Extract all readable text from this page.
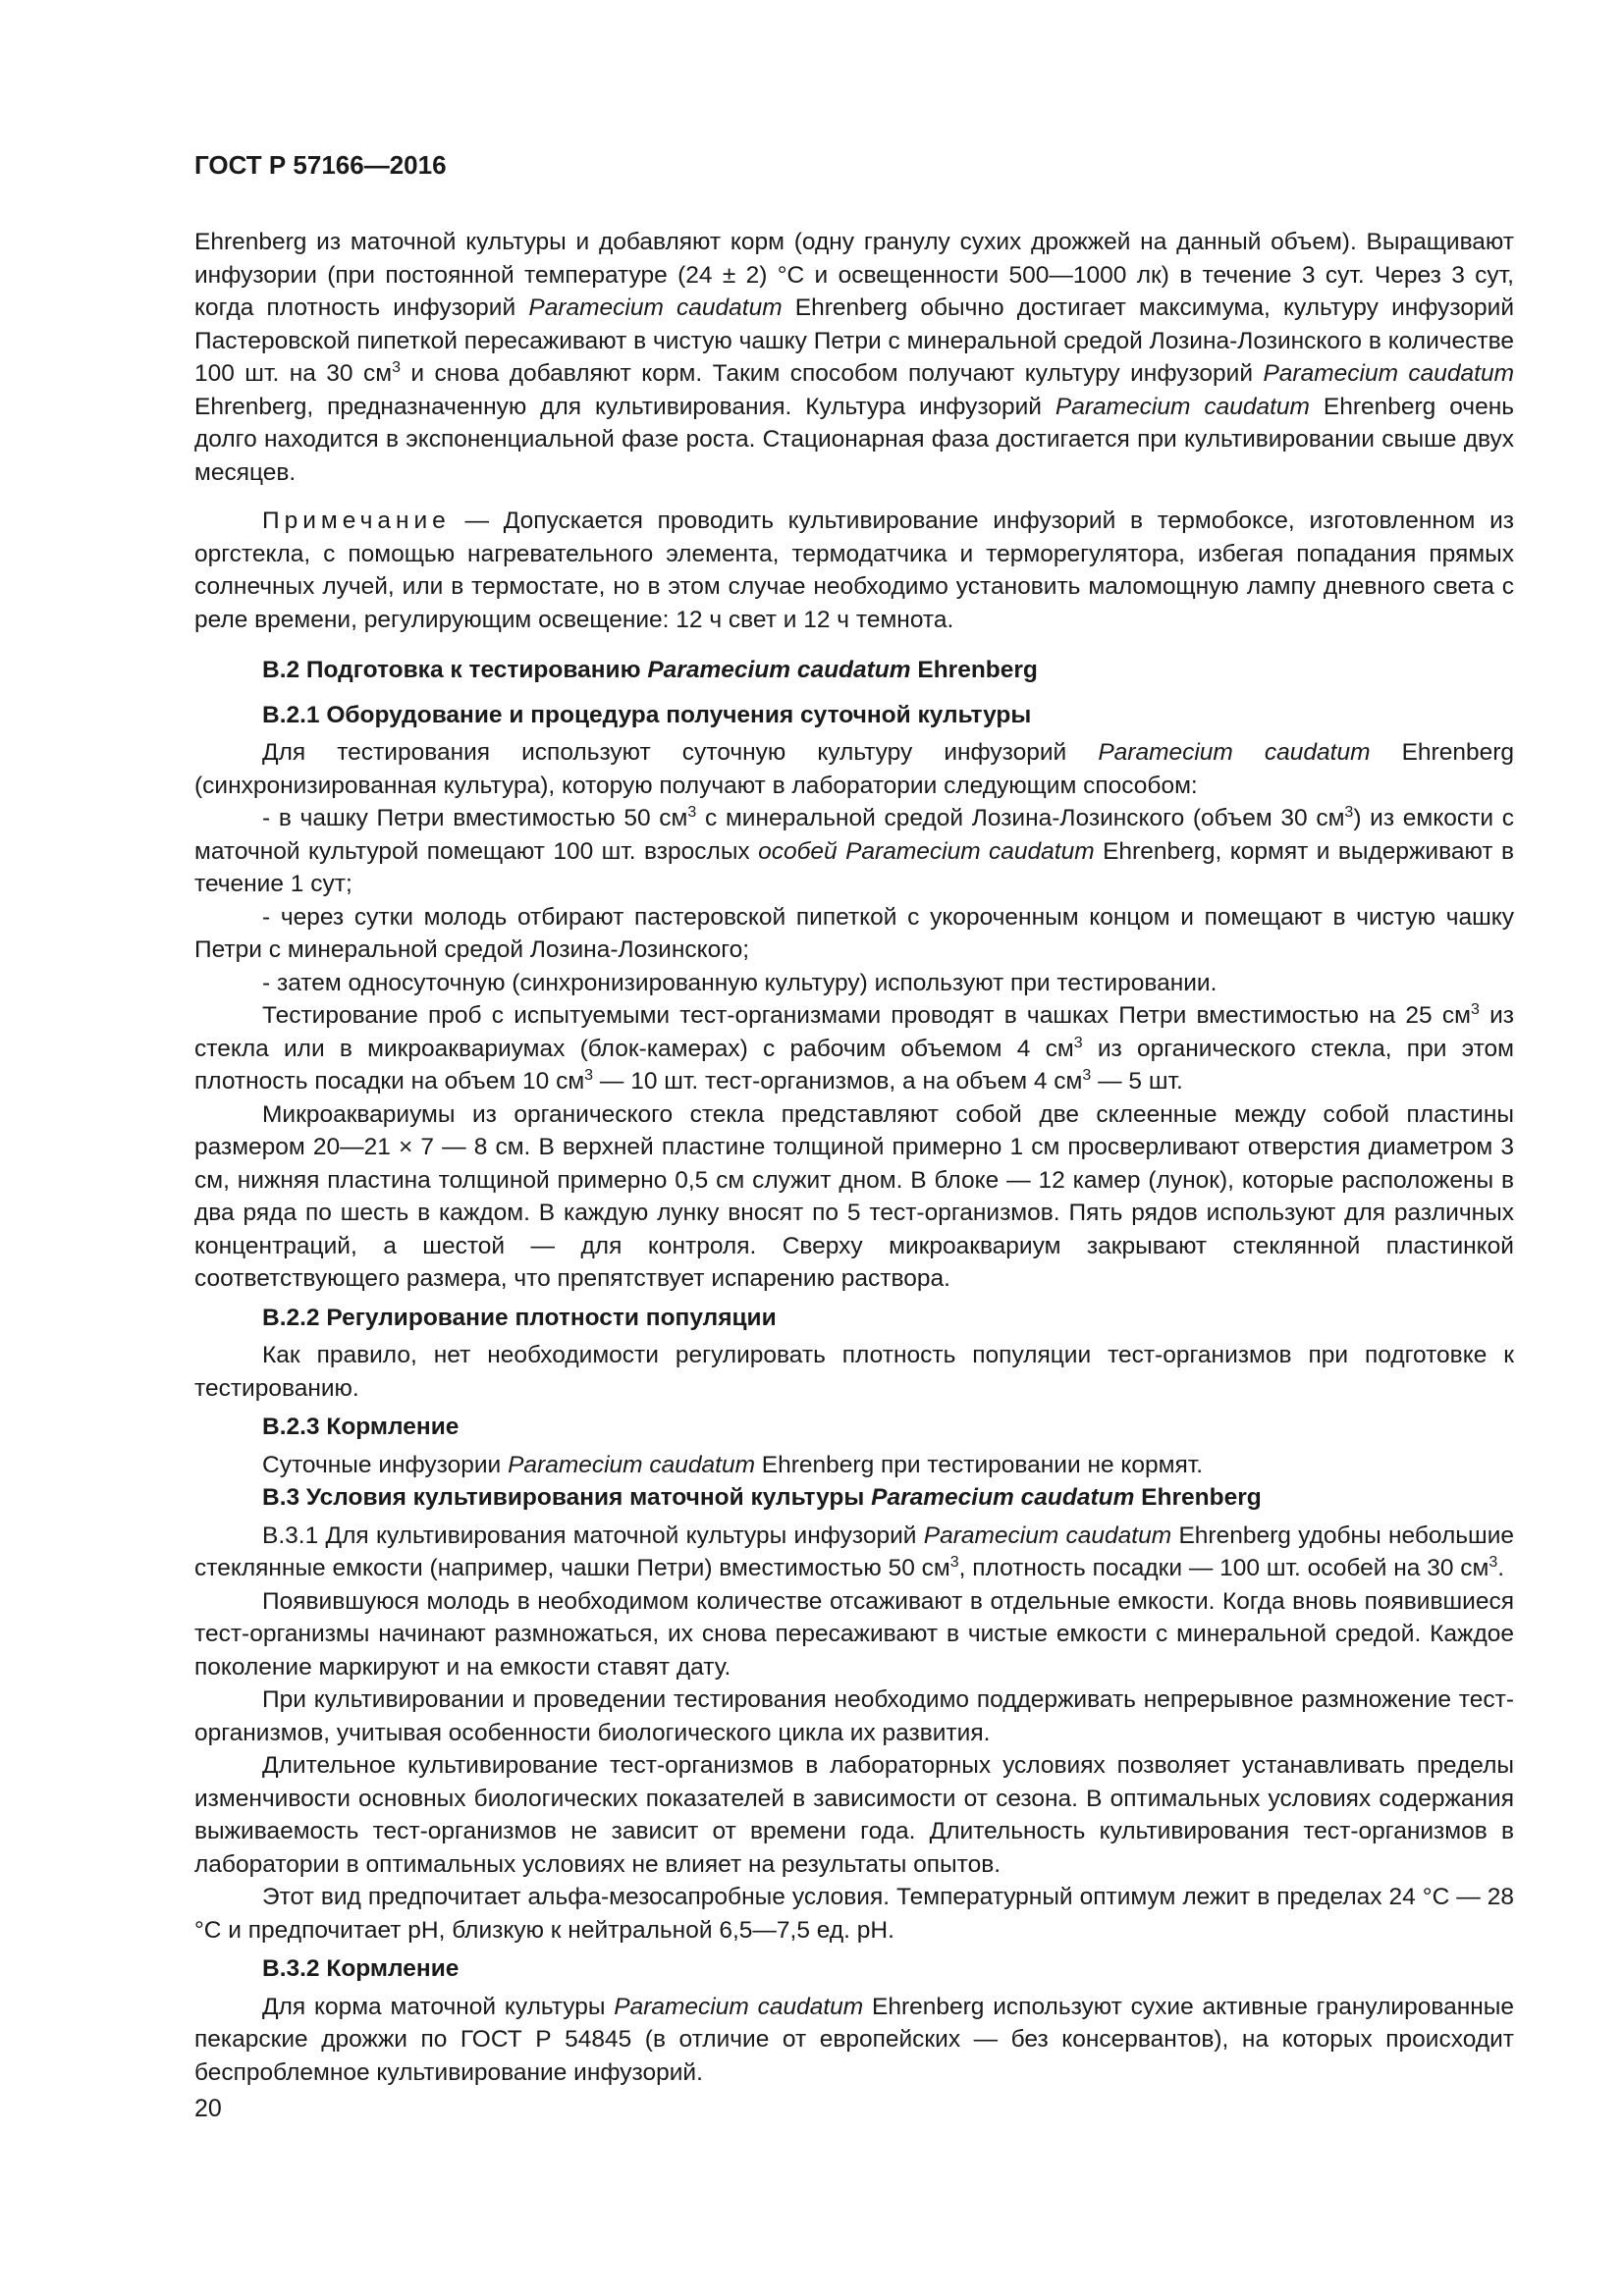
ГОСТ Р 57166—2016

Ehrenberg из маточной культуры и добавляют корм (одну гранулу сухих дрожжей на данный объем). Выращивают инфузории (при постоянной температуре (24 ± 2) °С и освещенности 500—1000 лк) в течение 3 сут. Через 3 сут, когда плотность инфузорий Paramecium caudatum Ehrenberg обычно достигает максимума, культуру инфузорий Пастеровской пипеткой пересаживают в чистую чашку Петри с минеральной средой Лозина-Лозинского в количестве 100 шт. на 30 $см^3$ и снова добавляют корм. Таким способом получают культуру инфузорий Paramecium caudatum Ehrenberg, предназначенную для культивирования. Культура инфузорий Paramecium caudatum Ehrenberg очень долго находится в экспоненциальной фазе роста. Стационарная фаза достигается при культивировании свыше двух месяцев.

Примечание — Допускается проводить культивирование инфузорий в термобоксе, изготовленном из оргстекла, с помощью нагревательного элемента, термодатчика и терморегулятора, избегая попадания прямых солнечных лучей, или в термостате, но в этом случае необходимо установить маломощную лампу дневного света с реле времени, регулирующим освещение: 12 ч свет и 12 ч темнота.

В.2 Подготовка к тестированию Paramecium caudatum Ehrenberg

В.2.1 Оборудование и процедура получения суточной культуры

Для тестирования используют суточную культуру инфузорий Paramecium caudatum Ehrenberg (синхронизированная культура), которую получают в лаборатории следующим способом:

- в чашку Петри вместимостью 50 $см^3$ с минеральной средой Лозина-Лозинского (объем 30 $см^3$) из емкости с маточной культурой помещают 100 шт. взрослых особей Paramecium caudatum Ehrenberg, кормят и выдерживают в течение 1 сут;

- через сутки молодь отбирают пастеровской пипеткой с укороченным концом и помещают в чистую чашку Петри с минеральной средой Лозина-Лозинского;

- затем односуточную (синхронизированную культуру) используют при тестировании.

Тестирование проб с испытуемыми тест-организмами проводят в чашках Петри вместимостью на 25 $см^3$ из стекла или в микроаквариумах (блок-камерах) с рабочим объемом 4 $см^3$ из органического стекла, при этом плотность посадки на объем 10 $см^3$ — 10 шт. тест-организмов, а на объем 4 $см^3$ — 5 шт.

Микроаквариумы из органического стекла представляют собой две склеенные между собой пластины размером 20—21 × 7 — 8 см. В верхней пластине толщиной примерно 1 см просверливают отверстия диаметром 3 см, нижняя пластина толщиной примерно 0,5 см служит дном. В блоке — 12 камер (лунок), которые расположены в два ряда по шесть в каждом. В каждую лунку вносят по 5 тест-организмов. Пять рядов используют для различных концентраций, а шестой — для контроля. Сверху микроаквариум закрывают стеклянной пластинкой соответствующего размера, что препятствует испарению раствора.

В.2.2 Регулирование плотности популяции

Как правило, нет необходимости регулировать плотность популяции тест-организмов при подготовке к тестированию.

В.2.3 Кормление

Суточные инфузории Paramecium caudatum Ehrenberg при тестировании не кормят.

В.3 Условия культивирования маточной культуры Paramecium caudatum Ehrenberg

В.3.1 Для культивирования маточной культуры инфузорий Paramecium caudatum Ehrenberg удобны небольшие стеклянные емкости (например, чашки Петри) вместимостью 50 $см^3$, плотность посадки — 100 шт. особей на 30 $см^3$.

Появившуюся молодь в необходимом количестве отсаживают в отдельные емкости. Когда вновь появившиеся тест-организмы начинают размножаться, их снова пересаживают в чистые емкости с минеральной средой. Каждое поколение маркируют и на емкости ставят дату.

При культивировании и проведении тестирования необходимо поддерживать непрерывное размножение тест-организмов, учитывая особенности биологического цикла их развития.

Длительное культивирование тест-организмов в лабораторных условиях позволяет устанавливать пределы изменчивости основных биологических показателей в зависимости от сезона. В оптимальных условиях содержания выживаемость тест-организмов не зависит от времени года. Длительность культивирования тест-организмов в лаборатории в оптимальных условиях не влияет на результаты опытов.

Этот вид предпочитает альфа-мезосапробные условия. Температурный оптимум лежит в пределах 24 °С — 28 °С и предпочитает pH, близкую к нейтральной 6,5—7,5 ед. pH.

В.3.2 Кормление

Для корма маточной культуры Paramecium caudatum Ehrenberg используют сухие активные гранулированные пекарские дрожжи по ГОСТ Р 54845 (в отличие от европейских — без консервантов), на которых происходит беспроблемное культивирование инфузорий.

20
